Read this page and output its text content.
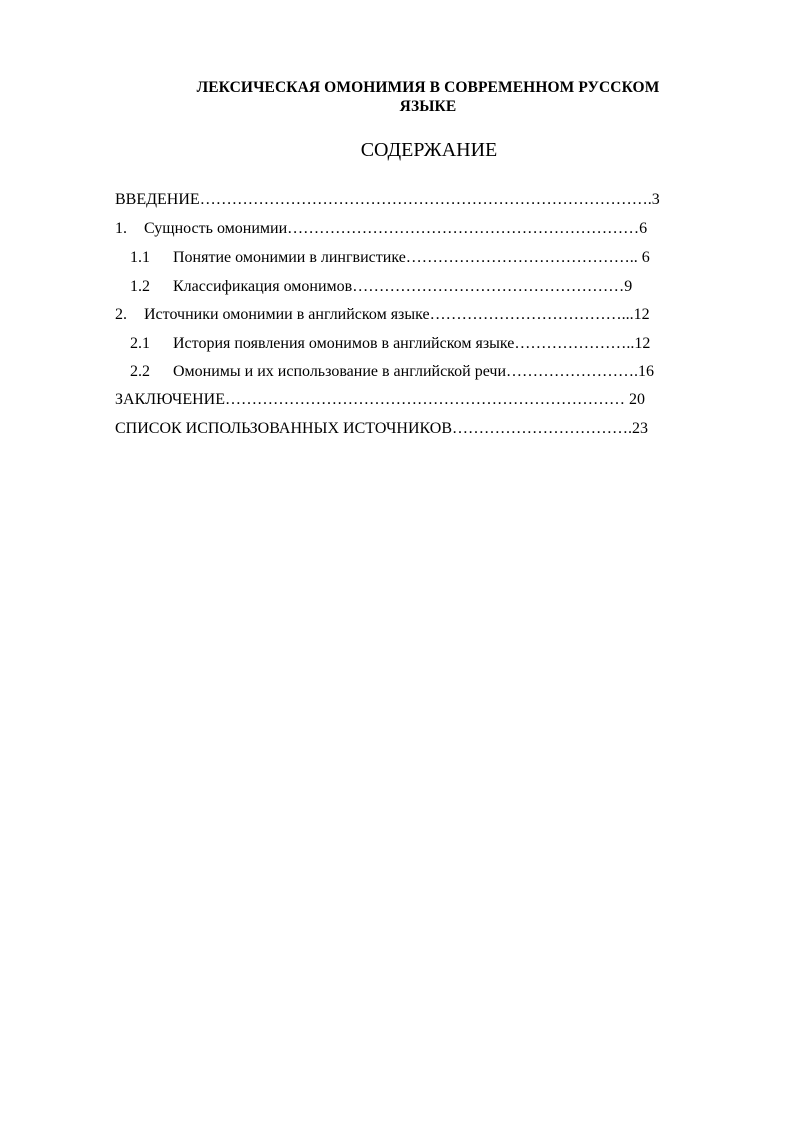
ЛЕКСИЧЕСКАЯ ОМОНИМИЯ В СОВРЕМЕННОМ РУССКОМ
ЯЗЫКЕ
СОДЕРЖАНИЕ
ВВЕДЕНИЕ………………………………………………………………………….3
1. Сущность омонимии…………………………………………………………6
1.1 Понятие омонимии в лингвистике…………………………………….. 6
1.2 Классификация омонимов……………………………………………9
2. Источники омонимии в английском языке………………………………...12
2.1 История появления омонимов в английском языке…………………..12
2.2 Омонимы и их использование в английской речи…………………….16
ЗАКЛЮЧЕНИЕ………………………………………………………………… 20
СПИСОК ИСПОЛЬЗОВАННЫХ ИСТОЧНИКОВ…………………………….23
